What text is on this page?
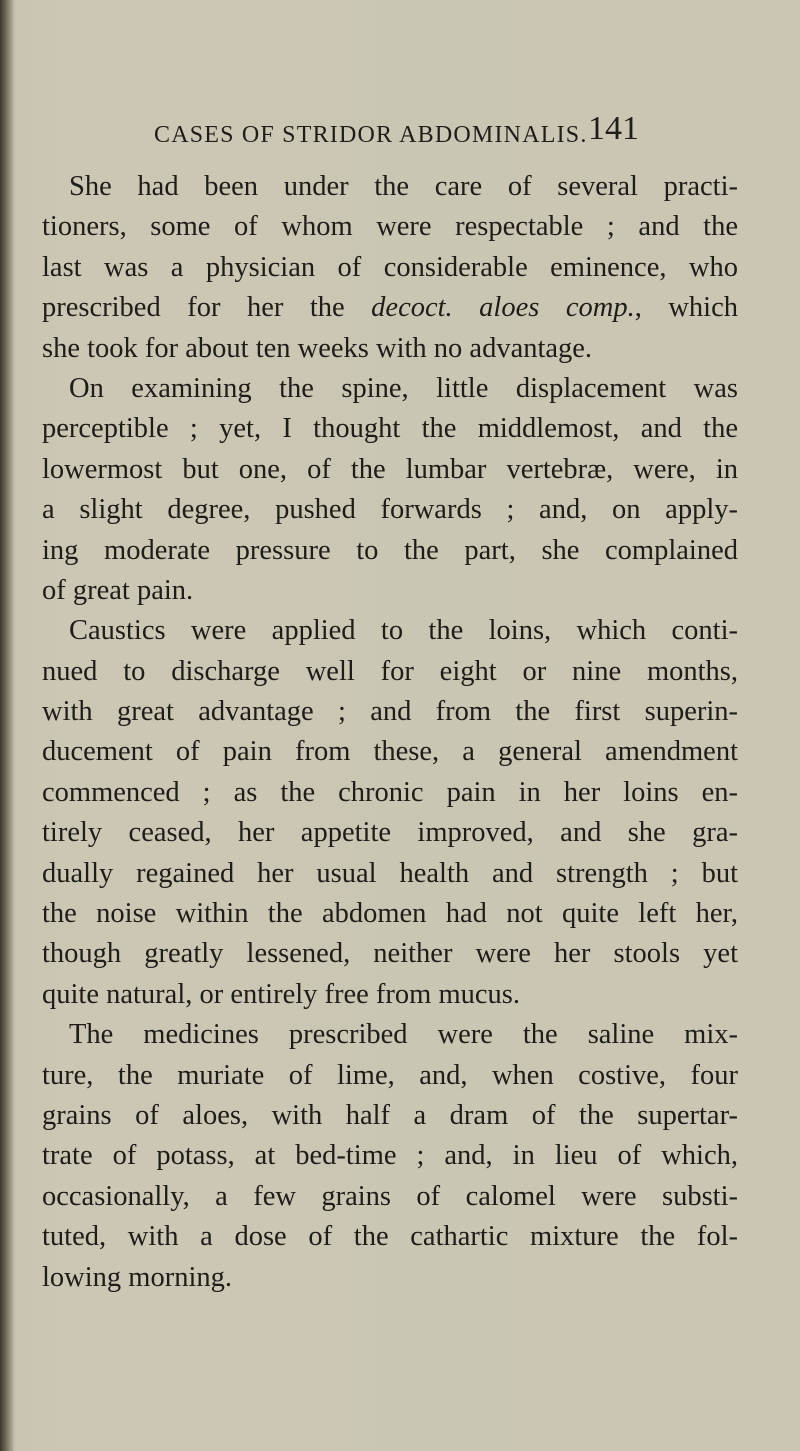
CASES OF STRIDOR ABDOMINALIS. 141
She had been under the care of several practi-
tioners, some of whom were respectable ; and the
last was a physician of considerable eminence, who
prescribed for her the decoct. aloes comp., which
she took for about ten weeks with no advantage.
On examining the spine, little displacement was
perceptible ; yet, I thought the middlemost, and the
lowermost but one, of the lumbar vertebræ, were, in
a slight degree, pushed forwards ; and, on apply-
ing moderate pressure to the part, she complained
of great pain.
Caustics were applied to the loins, which conti-
nued to discharge well for eight or nine months,
with great advantage ; and from the first superin-
ducement of pain from these, a general amendment
commenced ; as the chronic pain in her loins en-
tirely ceased, her appetite improved, and she gra-
dually regained her usual health and strength ; but
the noise within the abdomen had not quite left her,
though greatly lessened, neither were her stools yet
quite natural, or entirely free from mucus.
The medicines prescribed were the saline mix-
ture, the muriate of lime, and, when costive, four
grains of aloes, with half a dram of the supertar-
trate of potass, at bed-time ; and, in lieu of which,
occasionally, a few grains of calomel were substi-
tuted, with a dose of the cathartic mixture the fol-
lowing morning.
